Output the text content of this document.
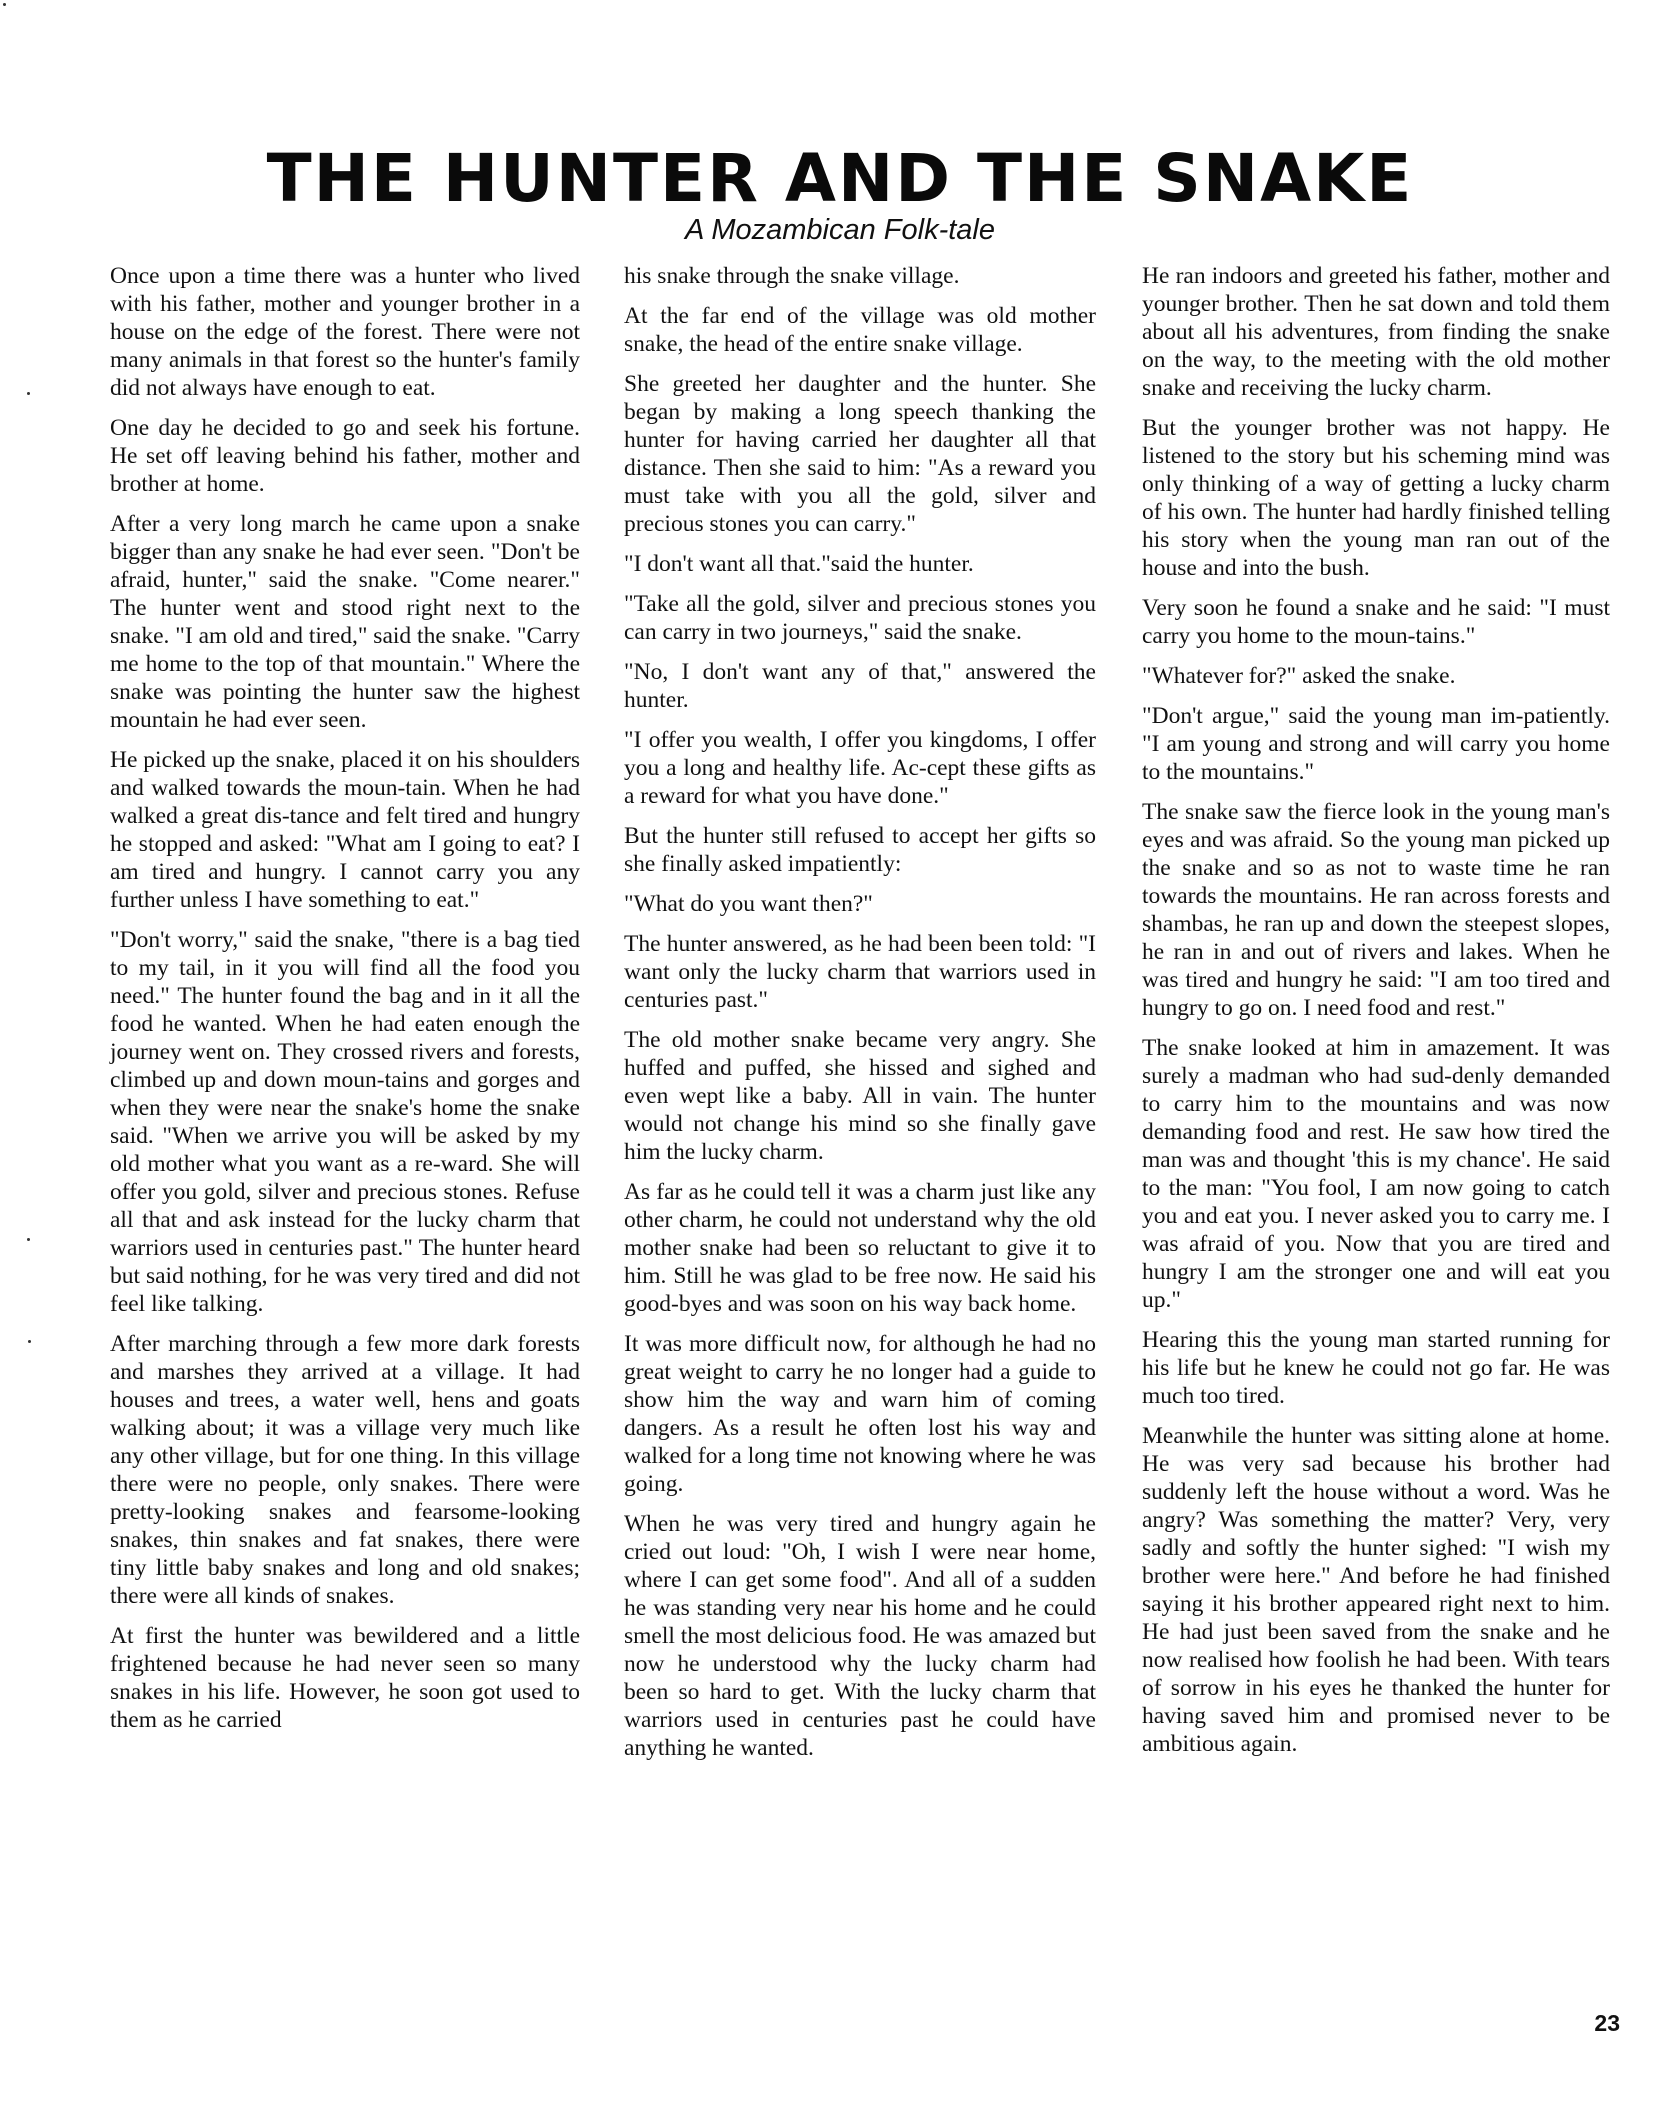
THE HUNTER AND THE SNAKE
A Mozambican Folk-tale

Once upon a time there was a hunter who lived with his father, mother and younger brother in a house on the edge of the forest. There were not many animals in that forest so the hunter's family did not always have enough to eat.

One day he decided to go and seek his fortune. He set off leaving behind his father, mother and brother at home.

After a very long march he came upon a snake bigger than any snake he had ever seen. "Don't be afraid, hunter," said the snake. "Come nearer." The hunter went and stood right next to the snake. "I am old and tired," said the snake. "Carry me home to the top of that mountain." Where the snake was pointing the hunter saw the highest mountain he had ever seen.

He picked up the snake, placed it on his shoulders and walked towards the moun-tain. When he had walked a great dis-tance and felt tired and hungry he stopped and asked: "What am I going to eat? I am tired and hungry. I cannot carry you any further unless I have something to eat."

"Don't worry," said the snake, "there is a bag tied to my tail, in it you will find all the food you need." The hunter found the bag and in it all the food he wanted. When he had eaten enough the journey went on. They crossed rivers and forests, climbed up and down moun-tains and gorges and when they were near the snake's home the snake said. "When we arrive you will be asked by my old mother what you want as a re-ward. She will offer you gold, silver and precious stones. Refuse all that and ask instead for the lucky charm that warriors used in centuries past." The hunter heard but said nothing, for he was very tired and did not feel like talking.

After marching through a few more dark forests and marshes they arrived at a village. It had houses and trees, a water well, hens and goats walking about; it was a village very much like any other village, but for one thing. In this village there were no people, only snakes. There were pretty-looking snakes and fearsome-looking snakes, thin snakes and fat snakes, there were tiny little baby snakes and long and old snakes; there were all kinds of snakes.

At first the hunter was bewildered and a little frightened because he had never seen so many snakes in his life. However, he soon got used to them as he carried

his snake through the snake village.

At the far end of the village was old mother snake, the head of the entire snake village.

She greeted her daughter and the hunter. She began by making a long speech thanking the hunter for having carried her daughter all that distance. Then she said to him: "As a reward you must take with you all the gold, silver and precious stones you can carry."

"I don't want all that."said the hunter.

"Take all the gold, silver and precious stones you can carry in two journeys," said the snake.

"No, I don't want any of that," answered the hunter.

"I offer you wealth, I offer you kingdoms, I offer you a long and healthy life. Ac-cept these gifts as a reward for what you have done."

But the hunter still refused to accept her gifts so she finally asked impatiently:

"What do you want then?"

The hunter answered, as he had been been told: "I want only the lucky charm that warriors used in centuries past."

The old mother snake became very angry. She huffed and puffed, she hissed and sighed and even wept like a baby. All in vain. The hunter would not change his mind so she finally gave him the lucky charm.

As far as he could tell it was a charm just like any other charm, he could not understand why the old mother snake had been so reluctant to give it to him. Still he was glad to be free now. He said his good-byes and was soon on his way back home.

It was more difficult now, for although he had no great weight to carry he no longer had a guide to show him the way and warn him of coming dangers. As a result he often lost his way and walked for a long time not knowing where he was going.

When he was very tired and hungry again he cried out loud: "Oh, I wish I were near home, where I can get some food". And all of a sudden he was standing very near his home and he could smell the most delicious food. He was amazed but now he understood why the lucky charm had been so hard to get. With the lucky charm that warriors used in centuries past he could have anything he wanted.

He ran indoors and greeted his father, mother and younger brother. Then he sat down and told them about all his adventures, from finding the snake on the way, to the meeting with the old mother snake and receiving the lucky charm.

But the younger brother was not happy. He listened to the story but his scheming mind was only thinking of a way of getting a lucky charm of his own. The hunter had hardly finished telling his story when the young man ran out of the house and into the bush.

Very soon he found a snake and he said: "I must carry you home to the moun-tains."

"Whatever for?" asked the snake.

"Don't argue," said the young man im-patiently. "I am young and strong and will carry you home to the mountains."

The snake saw the fierce look in the young man's eyes and was afraid. So the young man picked up the snake and so as not to waste time he ran towards the mountains. He ran across forests and shambas, he ran up and down the steepest slopes, he ran in and out of rivers and lakes. When he was tired and hungry he said: "I am too tired and hungry to go on. I need food and rest."

The snake looked at him in amazement. It was surely a madman who had sud-denly demanded to carry him to the mountains and was now demanding food and rest. He saw how tired the man was and thought 'this is my chance'. He said to the man: "You fool, I am now going to catch you and eat you. I never asked you to carry me. I was afraid of you. Now that you are tired and hungry I am the stronger one and will eat you up."

Hearing this the young man started running for his life but he knew he could not go far. He was much too tired.

Meanwhile the hunter was sitting alone at home. He was very sad because his brother had suddenly left the house without a word. Was he angry? Was something the matter? Very, very sadly and softly the hunter sighed: "I wish my brother were here." And before he had finished saying it his brother appeared right next to him. He had just been saved from the snake and he now realised how foolish he had been. With tears of sorrow in his eyes he thanked the hunter for having saved him and promised never to be ambitious again.

23
